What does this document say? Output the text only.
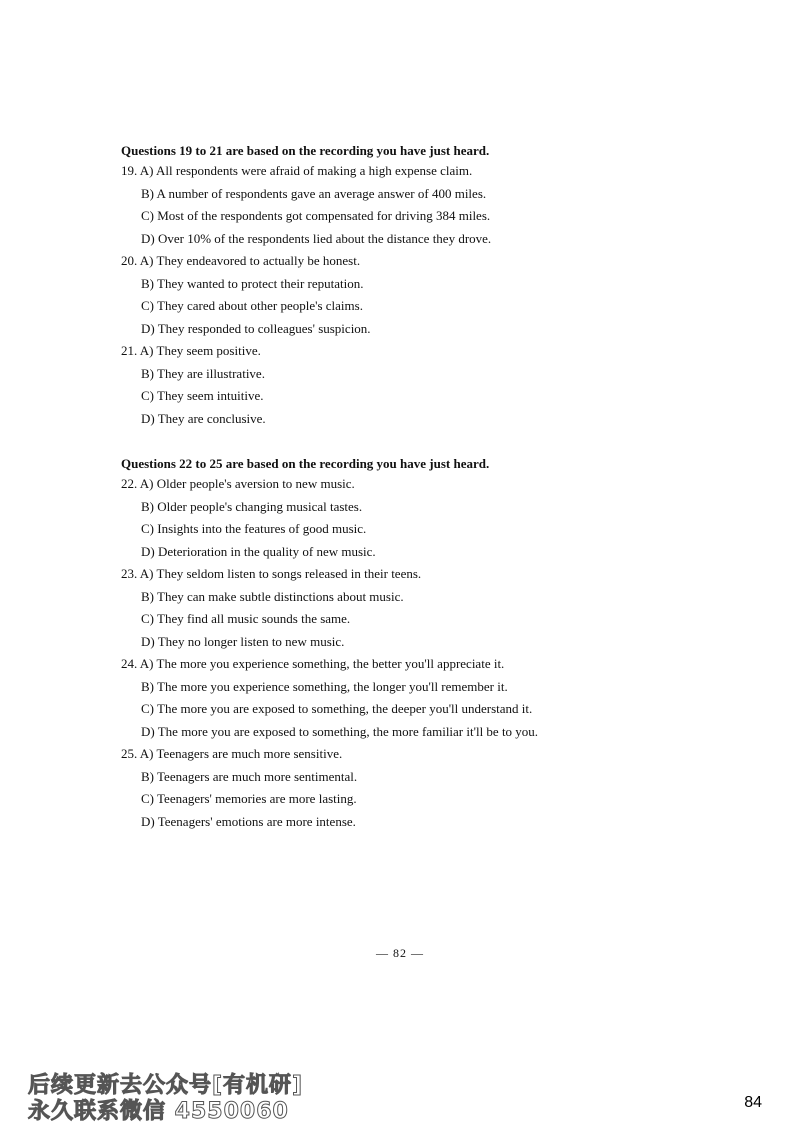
Questions 19 to 21 are based on the recording you have just heard.
19. A) All respondents were afraid of making a high expense claim.
B) A number of respondents gave an average answer of 400 miles.
C) Most of the respondents got compensated for driving 384 miles.
D) Over 10% of the respondents lied about the distance they drove.
20. A) They endeavored to actually be honest.
B) They wanted to protect their reputation.
C) They cared about other people's claims.
D) They responded to colleagues' suspicion.
21. A) They seem positive.
B) They are illustrative.
C) They seem intuitive.
D) They are conclusive.
Questions 22 to 25 are based on the recording you have just heard.
22. A) Older people's aversion to new music.
B) Older people's changing musical tastes.
C) Insights into the features of good music.
D) Deterioration in the quality of new music.
23. A) They seldom listen to songs released in their teens.
B) They can make subtle distinctions about music.
C) They find all music sounds the same.
D) They no longer listen to new music.
24. A) The more you experience something, the better you'll appreciate it.
B) The more you experience something, the longer you'll remember it.
C) The more you are exposed to something, the deeper you'll understand it.
D) The more you are exposed to something, the more familiar it'll be to you.
25. A) Teenagers are much more sensitive.
B) Teenagers are much more sentimental.
C) Teenagers' memories are more lasting.
D) Teenagers' emotions are more intense.
— 82 —
后续更新去公众号[有机研]
永久联系微信 4550060	84
